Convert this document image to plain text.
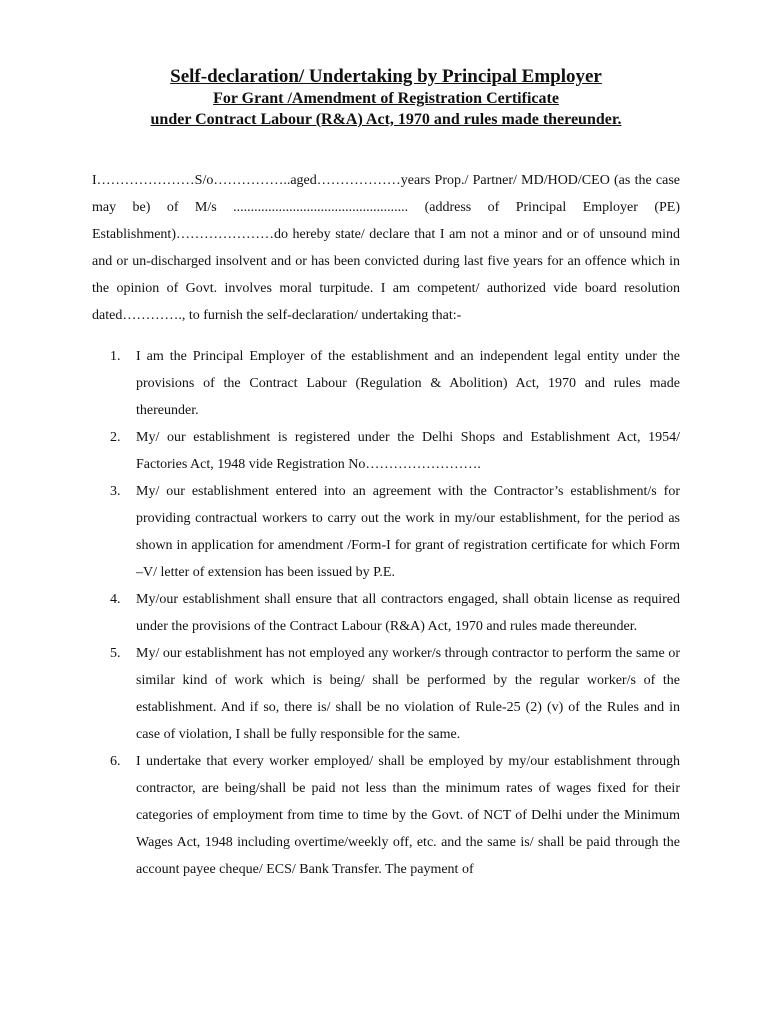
Self-declaration/ Undertaking by Principal Employer
For Grant /Amendment of Registration Certificate
under Contract Labour (R&A) Act, 1970 and rules made thereunder.

I…………………S/o……………..aged………………years Prop./ Partner/ MD/HOD/CEO (as the case may be) of M/s .................................................. (address of Principal Employer (PE) Establishment)…………………do hereby state/ declare that I am not a minor and or of unsound mind and or un-discharged insolvent and or has been convicted during last five years for an offence which in the opinion of Govt. involves moral turpitude. I am competent/ authorized vide board resolution dated…………., to furnish the self-declaration/ undertaking that:-

1. I am the Principal Employer of the establishment and an independent legal entity under the provisions of the Contract Labour (Regulation & Abolition) Act, 1970 and rules made thereunder.
2. My/ our establishment is registered under the Delhi Shops and Establishment Act, 1954/ Factories Act, 1948 vide Registration No…………………….
3. My/ our establishment entered into an agreement with the Contractor’s establishment/s for providing contractual workers to carry out the work in my/our establishment, for the period as shown in application for amendment /Form-I for grant of registration certificate for which Form –V/ letter of extension has been issued by P.E.
4. My/our establishment shall ensure that all contractors engaged, shall obtain license as required under the provisions of the Contract Labour (R&A) Act, 1970 and rules made thereunder.
5. My/ our establishment has not employed any worker/s through contractor to perform the same or similar kind of work which is being/ shall be performed by the regular worker/s of the establishment. And if so, there is/ shall be no violation of Rule-25 (2) (v) of the Rules and in case of violation, I shall be fully responsible for the same.
6. I undertake that every worker employed/ shall be employed by my/our establishment through contractor, are being/shall be paid not less than the minimum rates of wages fixed for their categories of employment from time to time by the Govt. of NCT of Delhi under the Minimum Wages Act, 1948 including overtime/weekly off, etc. and the same is/ shall be paid through the account payee cheque/ ECS/ Bank Transfer. The payment of
